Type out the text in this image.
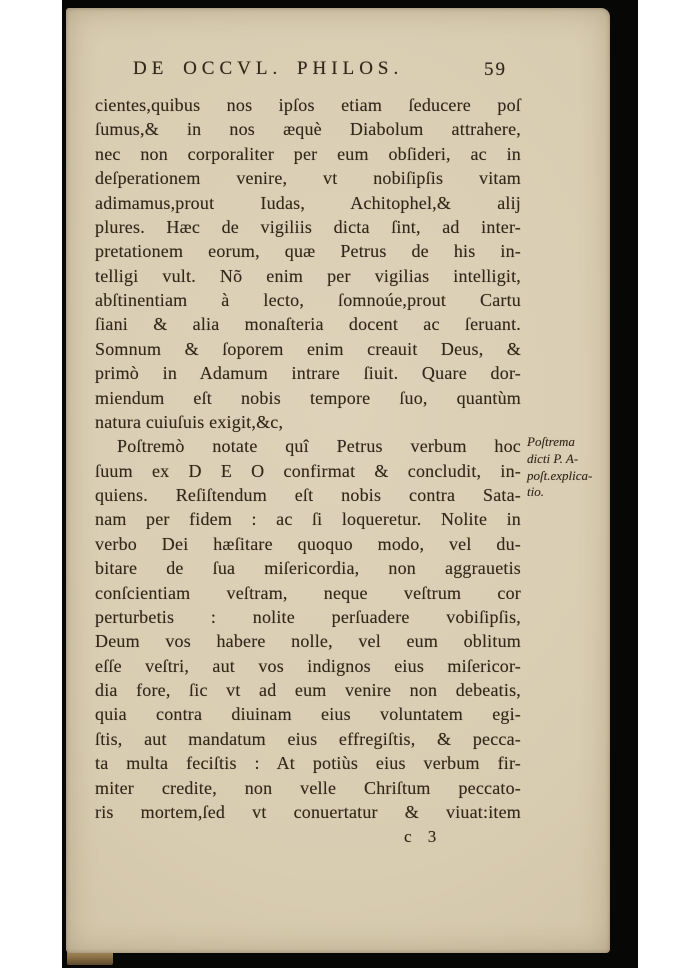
DE OCCVL. PHILOS.	59
cientes,quibus nos ipſos etiam ſeducere poſ
ſumus,& in nos æquè Diabolum attrahere,
nec non corporaliter per eum obſideri, ac in
deſperationem venire, vt nobiſipſis vitam
adimamus,prout Iudas, Achitophel,& alij
plures. Hæc de vigiliis dicta ſint, ad inter-
pretationem eorum, quæ Petrus de his in-
telligi vult. Nõ enim per vigilias intelligit,
abſtinentiam à lecto, ſomnoúe,prout Cartu
ſiani & alia monaſteria docent ac ſeruant.
Somnum & ſoporem enim creauit Deus, &
primò in Adamum intrare ſiuit. Quare dor-
miendum eſt nobis tempore ſuo, quantùm
natura cuiuſuis exigit,&c,
Poſtremò notate quî Petrus verbum hoc
ſuum ex D E O confirmat & concludit, in-
quiens. Reſiſtendum eſt nobis contra Sata-
nam per fidem : ac ſi loqueretur. Nolite in
verbo Dei hæſitare quoquo modo, vel du-
bitare de ſua miſericordia, non aggrauetis
conſcientiam veſtram, neque veſtrum cor
perturbetis : nolite perſuadere vobiſipſis,
Deum vos habere nolle, vel eum oblitum
eſſe veſtri, aut vos indignos eius miſericor-
dia fore, ſic vt ad eum venire non debeatis,
quia contra diuinam eius voluntatem egi-
ſtis, aut mandatum eius effregiſtis, & pecca-
ta multa feciſtis : At potiùs eius verbum fir-
miter credite, non velle Chriſtum peccato-
ris mortem,ſed vt conuertatur & viuat:item
Poſtrema
dicti P. A-
poſt.explica-
tio.
c 3
